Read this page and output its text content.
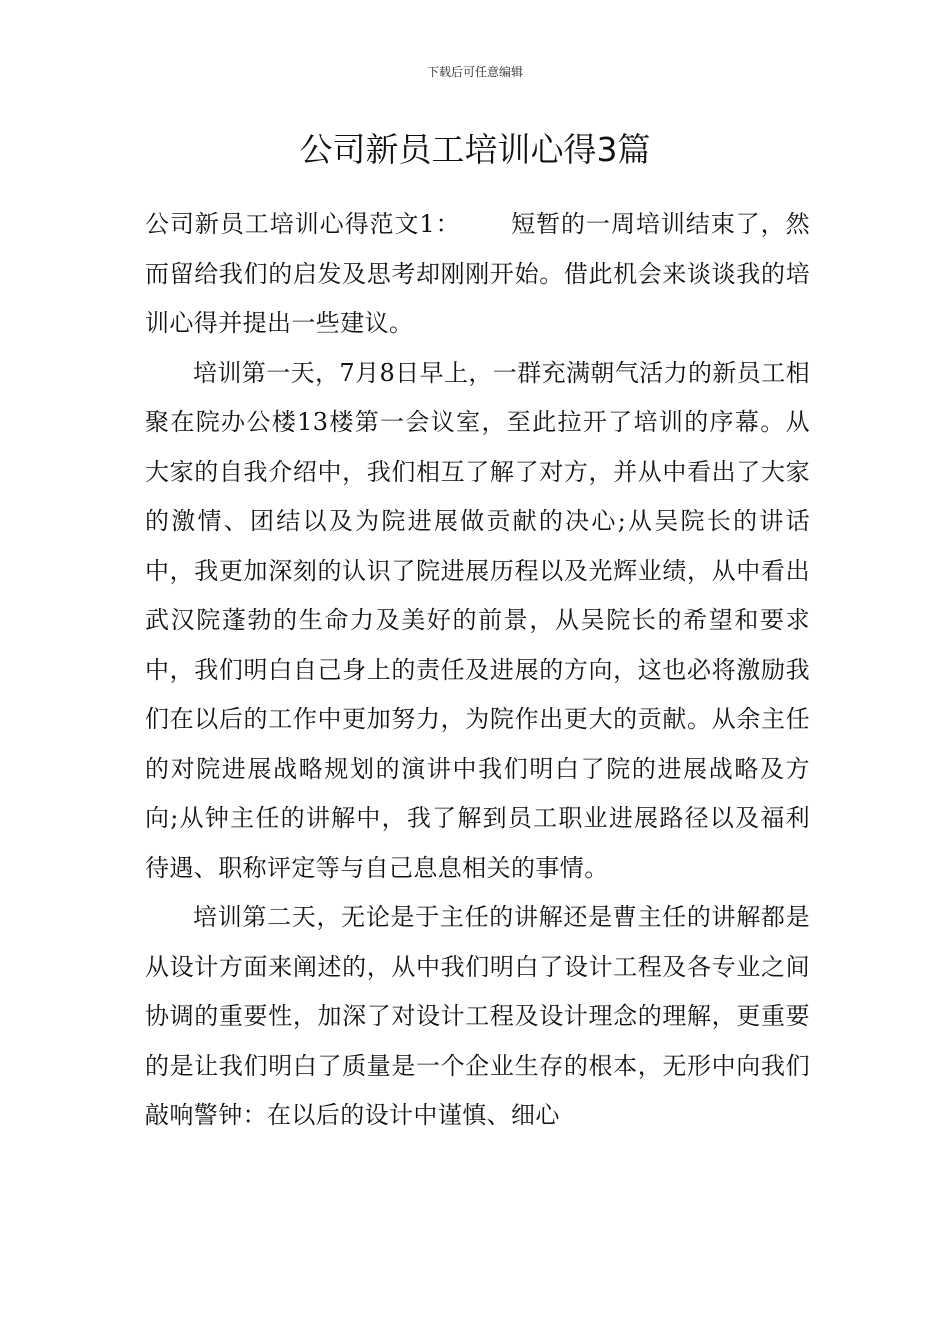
下载后可任意编辑
公司新员工培训心得3篇

公司新员工培训心得范文1： 短暂的一周培训结束了，然而留给我们的启发及思考却刚刚开始。借此机会来谈谈我的培训心得并提出一些建议。

培训第一天，7月8日早上，一群充满朝气活力的新员工相聚在院办公楼13楼第一会议室，至此拉开了培训的序幕。从大家的自我介绍中，我们相互了解了对方，并从中看出了大家的激情、团结以及为院进展做贡献的决心;从吴院长的讲话中，我更加深刻的认识了院进展历程以及光辉业绩，从中看出武汉院蓬勃的生命力及美好的前景，从吴院长的希望和要求中，我们明白自己身上的责任及进展的方向，这也必将激励我们在以后的工作中更加努力，为院作出更大的贡献。从余主任的对院进展战略规划的演讲中我们明白了院的进展战略及方向;从钟主任的讲解中，我了解到员工职业进展路径以及福利待遇、职称评定等与自己息息相关的事情。

培训第二天，无论是于主任的讲解还是曹主任的讲解都是从设计方面来阐述的，从中我们明白了设计工程及各专业之间协调的重要性，加深了对设计工程及设计理念的理解，更重要的是让我们明白了质量是一个企业生存的根本，无形中向我们敲响警钟：在以后的设计中谨慎、细心
